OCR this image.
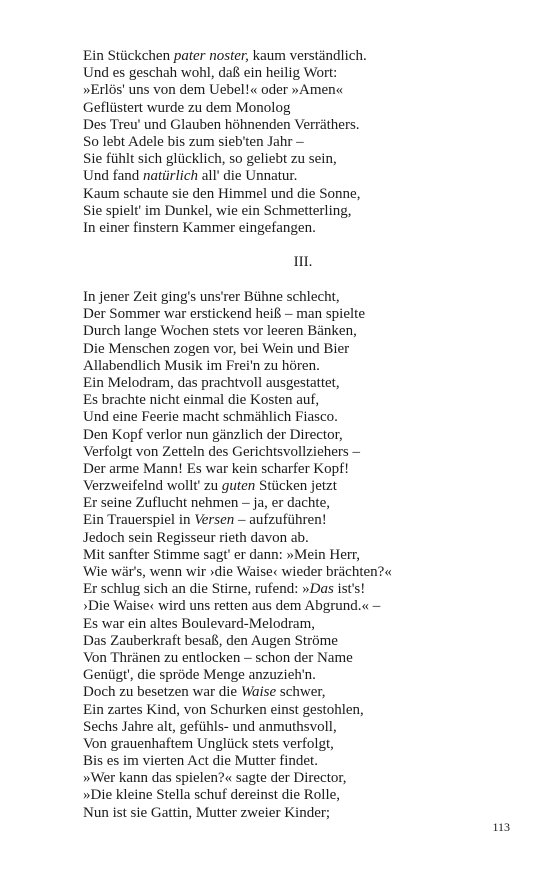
Ein Stückchen pater noster, kaum verständlich.
Und es geschah wohl, daß ein heilig Wort:
»Erlös' uns von dem Uebel!« oder »Amen«
Geflüstert wurde zu dem Monolog
Des Treu' und Glauben höhnenden Verräthers.
So lebt Adele bis zum sieb'ten Jahr –
Sie fühlt sich glücklich, so geliebt zu sein,
Und fand natürlich all' die Unnatur.
Kaum schaute sie den Himmel und die Sonne,
Sie spielt' im Dunkel, wie ein Schmetterling,
In einer finstern Kammer eingefangen.
III.
In jener Zeit ging's uns'rer Bühne schlecht,
Der Sommer war erstickend heiß – man spielte
Durch lange Wochen stets vor leeren Bänken,
Die Menschen zogen vor, bei Wein und Bier
Allabendlich Musik im Frei'n zu hören.
Ein Melodram, das prachtvoll ausgestattet,
Es brachte nicht einmal die Kosten auf,
Und eine Feerie macht schmählich Fiasco.
Den Kopf verlor nun gänzlich der Director,
Verfolgt von Zetteln des Gerichtsvollziehers –
Der arme Mann! Es war kein scharfer Kopf!
Verzweifelnd wollt' zu guten Stücken jetzt
Er seine Zuflucht nehmen – ja, er dachte,
Ein Trauerspiel in Versen – aufzuführen!
Jedoch sein Regisseur rieth davon ab.
Mit sanfter Stimme sagt' er dann: »Mein Herr,
Wie wär's, wenn wir ›die Waise‹ wieder brächten?«
Er schlug sich an die Stirne, rufend: »Das ist's!
›Die Waise‹ wird uns retten aus dem Abgrund.« –
Es war ein altes Boulevard-Melodram,
Das Zauberkraft besaß, den Augen Ströme
Von Thränen zu entlocken – schon der Name
Genügt', die spröde Menge anzuzieh'n.
Doch zu besetzen war die Waise schwer,
Ein zartes Kind, von Schurken einst gestohlen,
Sechs Jahre alt, gefühls- und anmuthsvoll,
Von grauenhaftem Unglück stets verfolgt,
Bis es im vierten Act die Mutter findet.
»Wer kann das spielen?« sagte der Director,
»Die kleine Stella schuf dereinst die Rolle,
Nun ist sie Gattin, Mutter zweier Kinder;
113
